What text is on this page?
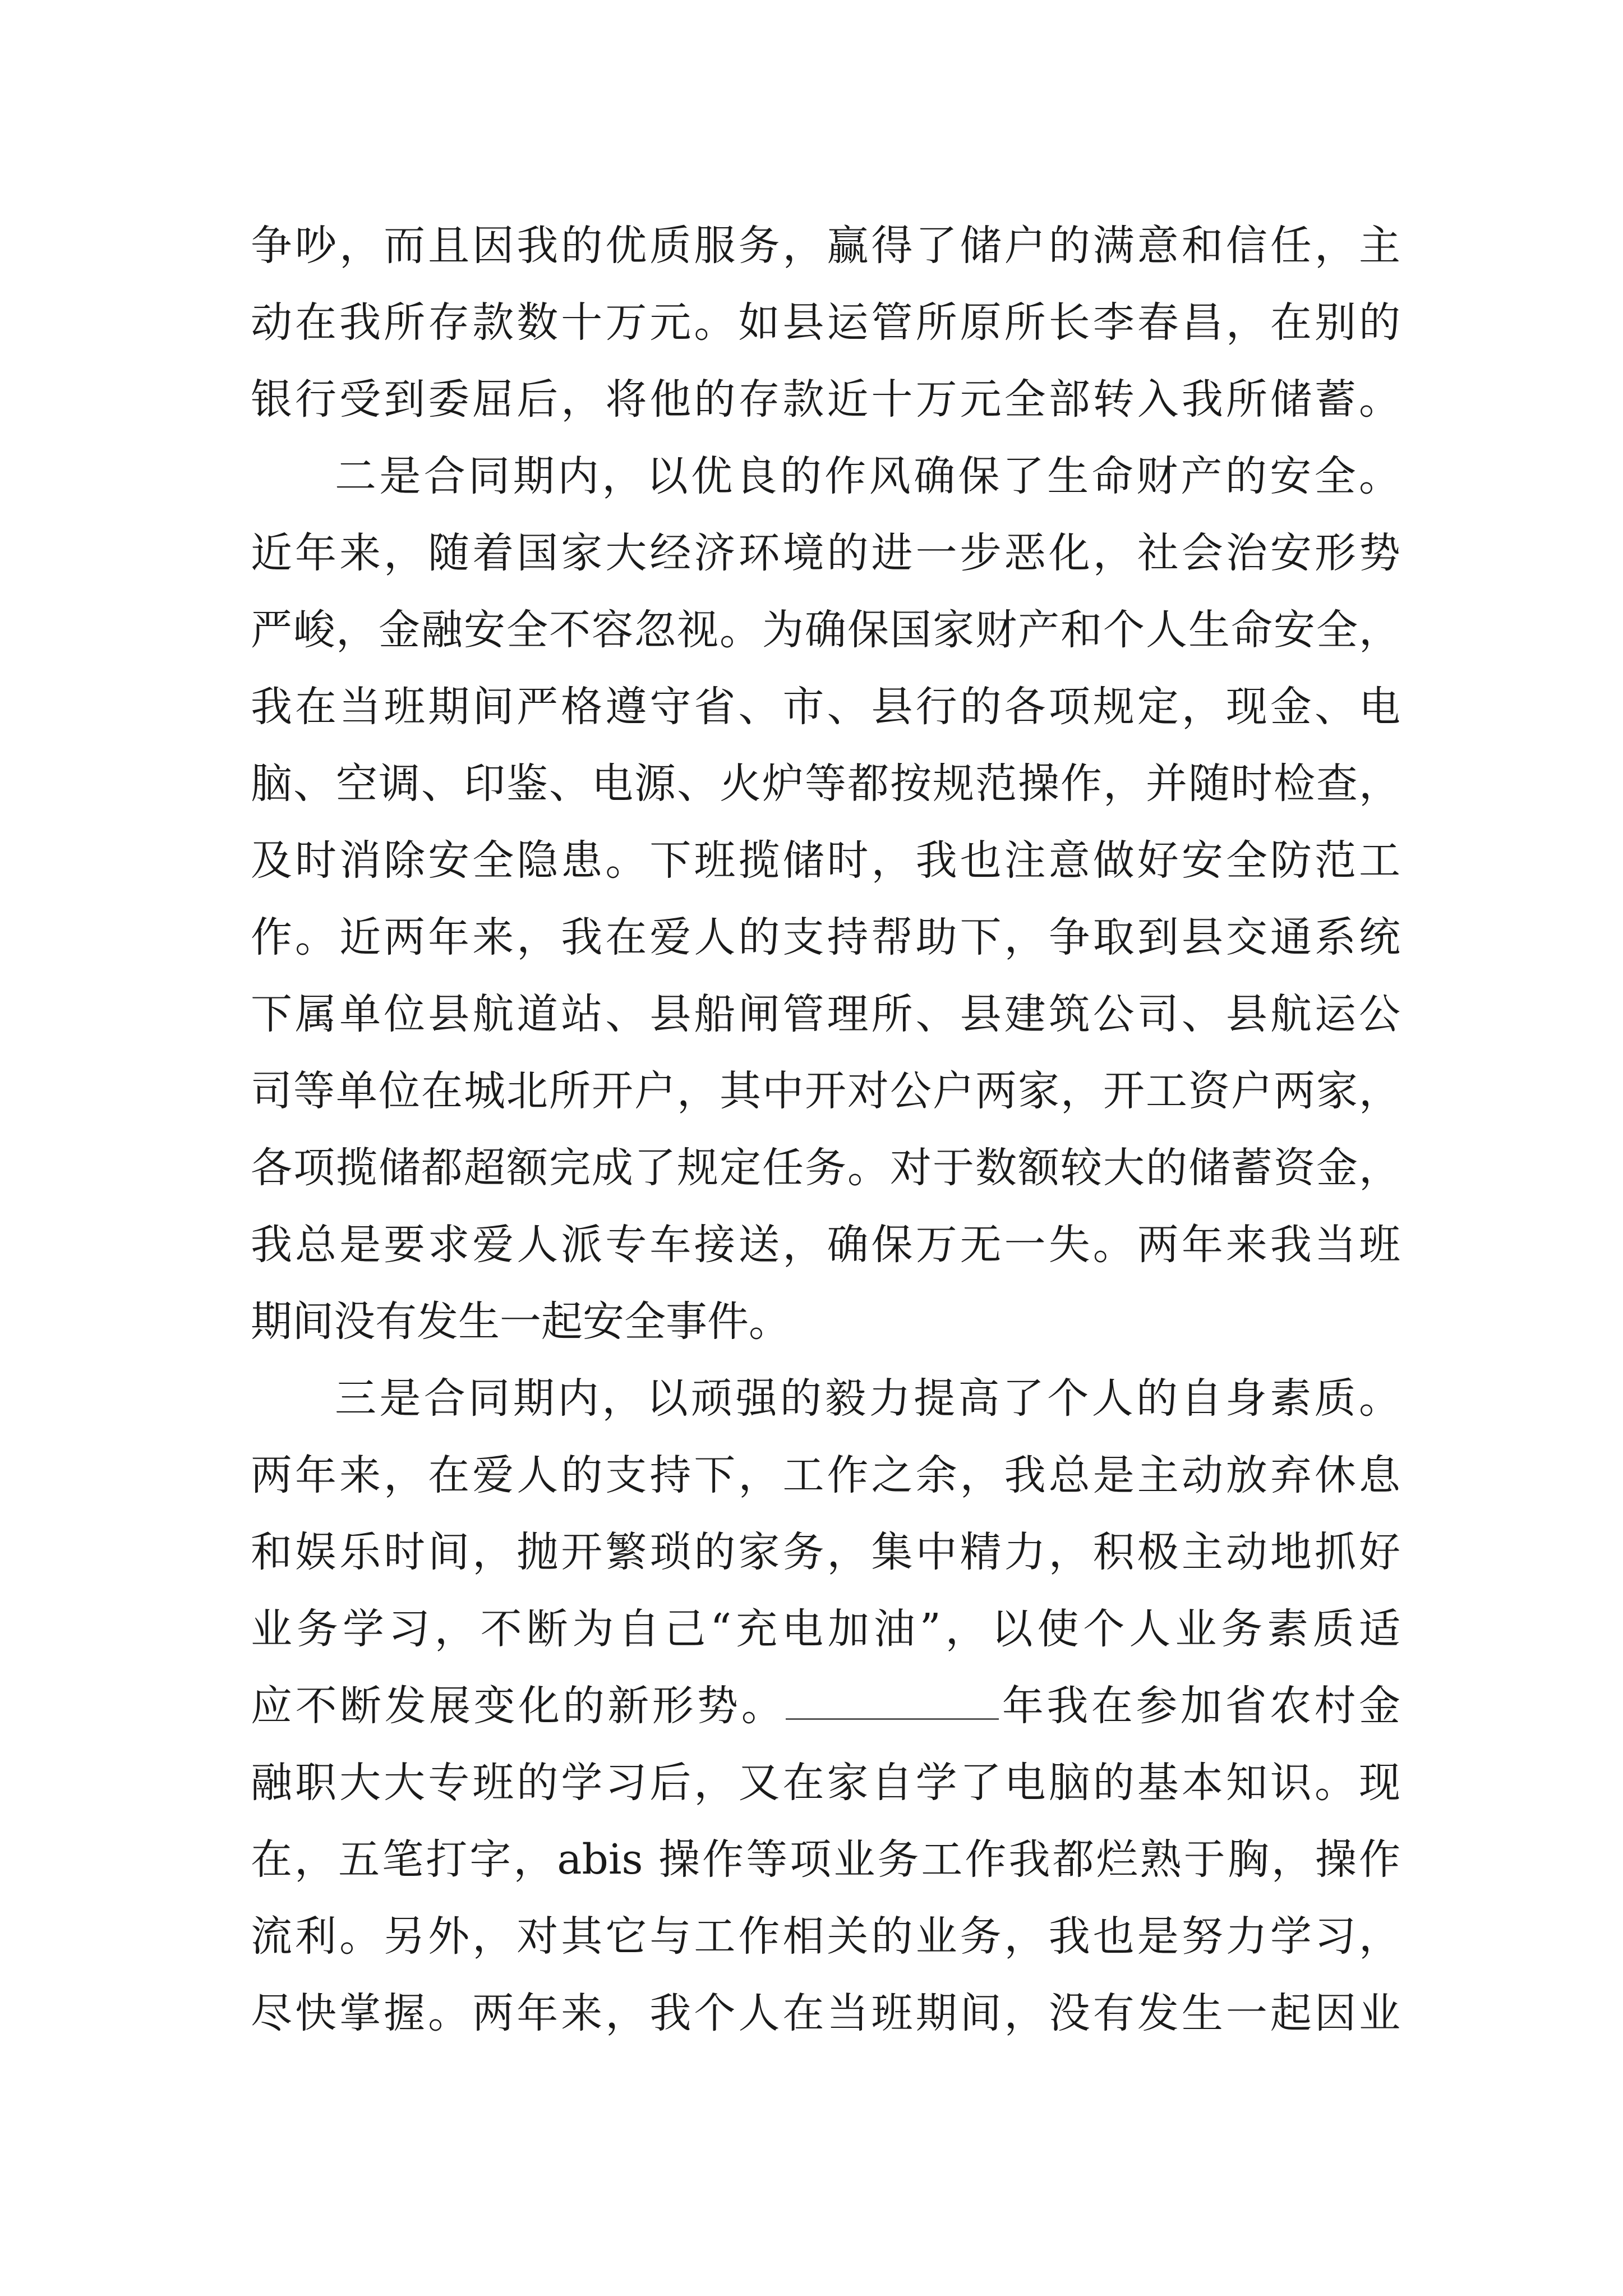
争吵，而且因我的优质服务，赢得了储户的满意和信任，主
动在我所存款数十万元。如县运管所原所长李春昌，在别的
银行受到委屈后，将他的存款近十万元全部转入我所储蓄。
二是合同期内，以优良的作风确保了生命财产的安全。
近年来，随着国家大经济环境的进一步恶化，社会治安形势
严峻，金融安全不容忽视。为确保国家财产和个人生命安全，
我在当班期间严格遵守省、市、县行的各项规定，现金、电
脑、空调、印鉴、电源、火炉等都按规范操作，并随时检查，
及时消除安全隐患。下班揽储时，我也注意做好安全防范工
作。近两年来，我在爱人的支持帮助下，争取到县交通系统
下属单位县航道站、县船闸管理所、县建筑公司、县航运公
司等单位在城北所开户，其中开对公户两家，开工资户两家，
各项揽储都超额完成了规定任务。对于数额较大的储蓄资金，
我总是要求爱人派专车接送，确保万无一失。两年来我当班
期间没有发生一起安全事件。
三是合同期内，以顽强的毅力提高了个人的自身素质。
两年来，在爱人的支持下，工作之余，我总是主动放弃休息
和娱乐时间，抛开繁琐的家务，集中精力，积极主动地抓好
业务学习，不断为自己“充电加油”，以使个人业务素质适
应不断发展变化的新形势。	年我在参加省农村金
融职大大专班的学习后，又在家自学了电脑的基本知识。现
在，五笔打字，abis 操作等项业务工作我都烂熟于胸，操作
流利。另外，对其它与工作相关的业务，我也是努力学习，
尽快掌握。两年来，我个人在当班期间，没有发生一起因业
